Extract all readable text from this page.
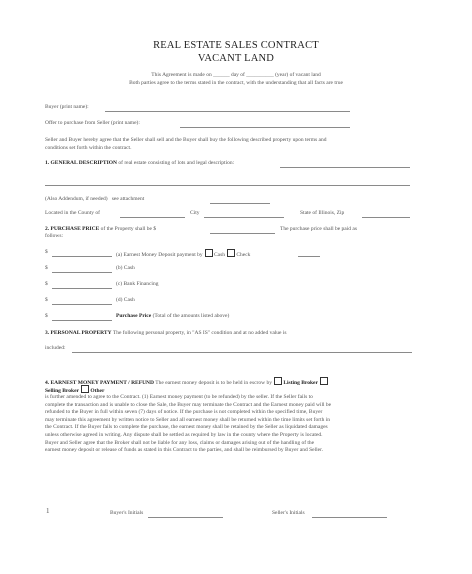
REAL ESTATE SALES CONTRACT
VACANT LAND
This Agreement is made on ______ day of __________ (year) of vacant land
Both parties agree to the terms stated in the contract, with the understanding that all facts are true
Buyer (print name):
Offer to purchase from Seller (print name):
Seller and Buyer hereby agree that the Seller shall sell and the Buyer shall buy the following described property upon terms and
conditions set forth within the contract.
1. GENERAL DESCRIPTION of real estate consisting of lots and legal description:
(Also Addendum, if needed) see attachment
Located in the County of	City	State of Illinois, Zip
2. PURCHASE PRICE of the Property shall be $	The purchase price shall be paid as
follows:
$	(a) Earnest Money Deposit payment by Cash Check
$	(b) Cash
$	(c) Bank Financing
$	(d) Cash
$	Purchase Price (Total of the amounts listed above)
3. PERSONAL PROPERTY The following personal property, in "AS IS" condition and at no added value is
included:
4. EARNEST MONEY PAYMENT / REFUND The earnest money deposit is to be held in escrow by Listing Broker
Selling Broker Other
is further amended to agree to the Contract. (1) Earnest money payment (to be refunded) by the seller. If the Seller fails to
complete the transaction and is unable to close the Sale, the Buyer may terminate the Contract and the Earnest money paid will be
refunded to the Buyer in full within seven (7) days of notice. If the purchase is not completed within the specified time, Buyer
may terminate this agreement by written notice to Seller and all earnest money shall be returned within the time limits set forth in
the Contract. If the Buyer fails to complete the purchase, the earnest money shall be retained by the Seller as liquidated damages
unless otherwise agreed in writing. Any dispute shall be settled as required by law in the county where the Property is located.
Buyer and Seller agree that the Broker shall not be liable for any loss, claims or damages arising out of the handling of the
earnest money deposit or release of funds as stated in this Contract to the parties, and shall be reimbursed by Buyer and Seller.
1	Buyer's Initials	Seller's Initials
